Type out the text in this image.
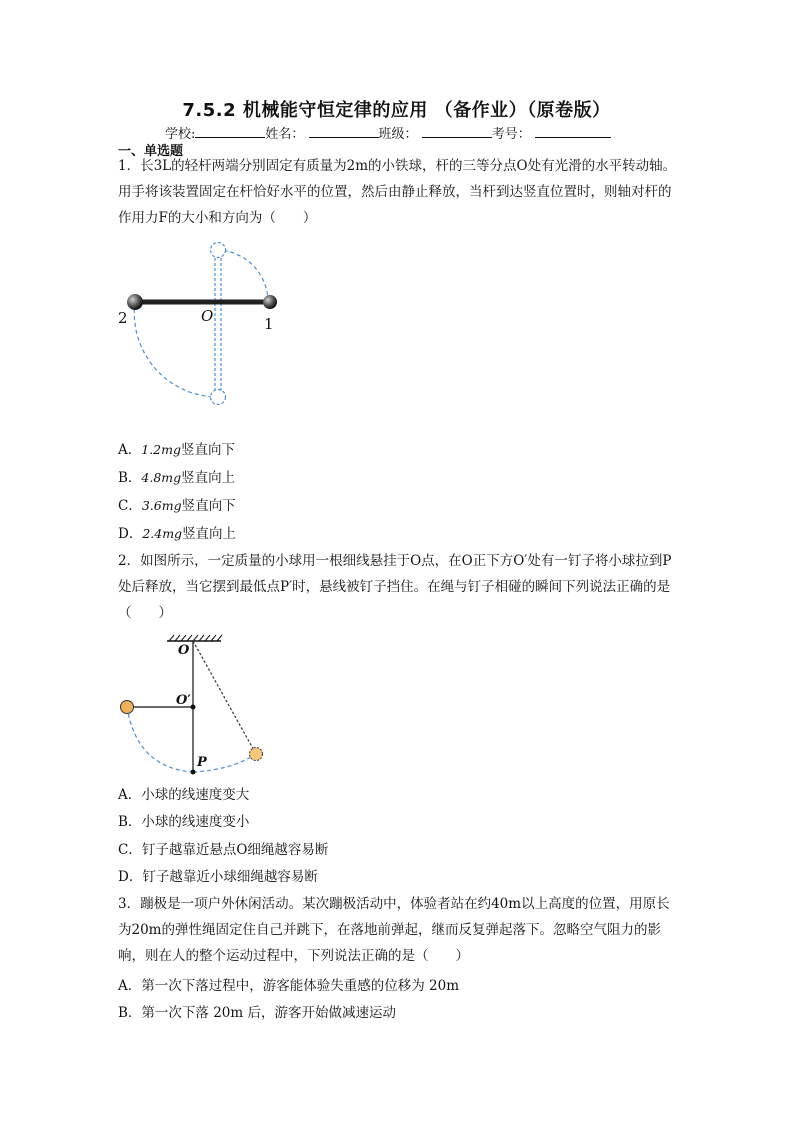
7.5.2 机械能守恒定律的应用 （备作业）（原卷版）
学校:	姓名：	班级：	考号：
一、单选题
1．长3L的轻杆两端分别固定有质量为2m的小铁球，杆的三等分点O处有光滑的水平转动轴。用手将该装置固定在杆恰好水平的位置，然后由静止释放，当杆到达竖直位置时，则轴对杆的作用力F的大小和方向为（　　）
2	O	1
A．1.2mg竖直向下
B．4.8mg竖直向上
C．3.6mg竖直向下
D．2.4mg竖直向上
2．如图所示，一定质量的小球用一根细线悬挂于O点，在O正下方O′处有一钉子将小球拉到P处后释放，当它摆到最低点P′时，悬线被钉子挡住。在绳与钉子相碰的瞬间下列说法正确的是（　　）
O
O′
P
A．小球的线速度变大
B．小球的线速度变小
C．钉子越靠近悬点O细绳越容易断
D．钉子越靠近小球细绳越容易断
3．蹦极是一项户外休闲活动。某次蹦极活动中，体验者站在约40m以上高度的位置，用原长为20m的弹性绳固定住自己并跳下，在落地前弹起，继而反复弹起落下。忽略空气阻力的影响，则在人的整个运动过程中，下列说法正确的是（　　）
A．第一次下落过程中，游客能体验失重感的位移为 20m
B．第一次下落 20m 后，游客开始做减速运动
